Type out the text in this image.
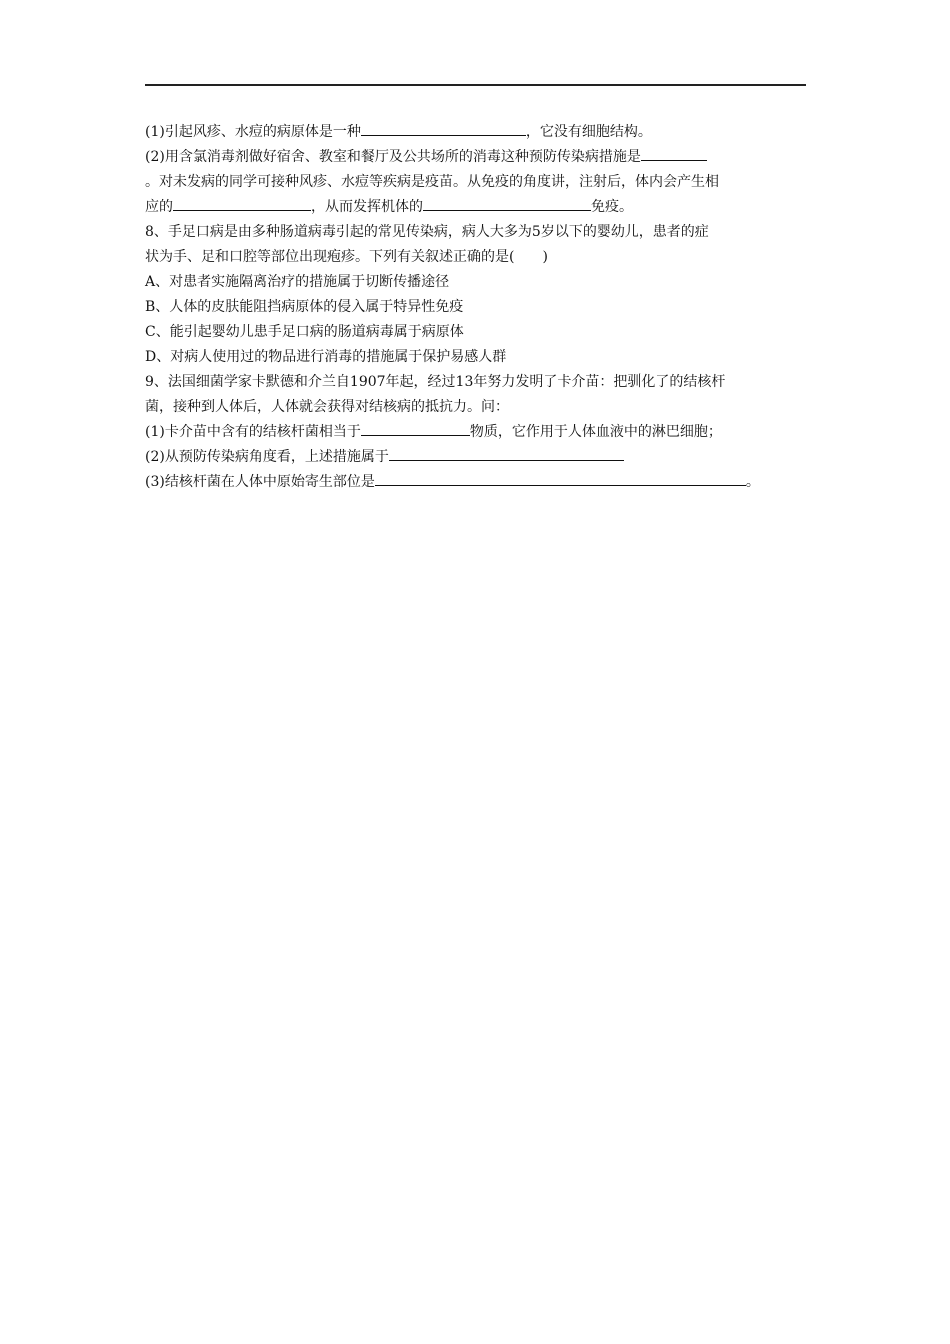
(1)引起风疹、水痘的病原体是一种	，它没有细胞结构。
(2)用含氯消毒剂做好宿舍、教室和餐厅及公共场所的消毒这种预防传染病措施是
。对未发病的同学可接种风疹、水痘等疾病是疫苗。从免疫的角度讲，注射后，体内会产生相
应的	，从而发挥机体的	免疫。
8、手足口病是由多种肠道病毒引起的常见传染病，病人大多为5岁以下的婴幼儿，患者的症
状为手、足和口腔等部位出现疱疹。下列有关叙述正确的是(　　)
A、对患者实施隔离治疗的措施属于切断传播途径
B、人体的皮肤能阻挡病原体的侵入属于特异性免疫
C、能引起婴幼儿患手足口病的肠道病毒属于病原体
D、对病人使用过的物品进行消毒的措施属于保护易感人群
9、法国细菌学家卡默德和介兰自1907年起，经过13年努力发明了卡介苗：把驯化了的结核杆
菌，接种到人体后，人体就会获得对结核病的抵抗力。问：
(1)卡介苗中含有的结核杆菌相当于	物质，它作用于人体血液中的淋巴细胞；
(2)从预防传染病角度看，上述措施属于
(3)结核杆菌在人体中原始寄生部位是	。
